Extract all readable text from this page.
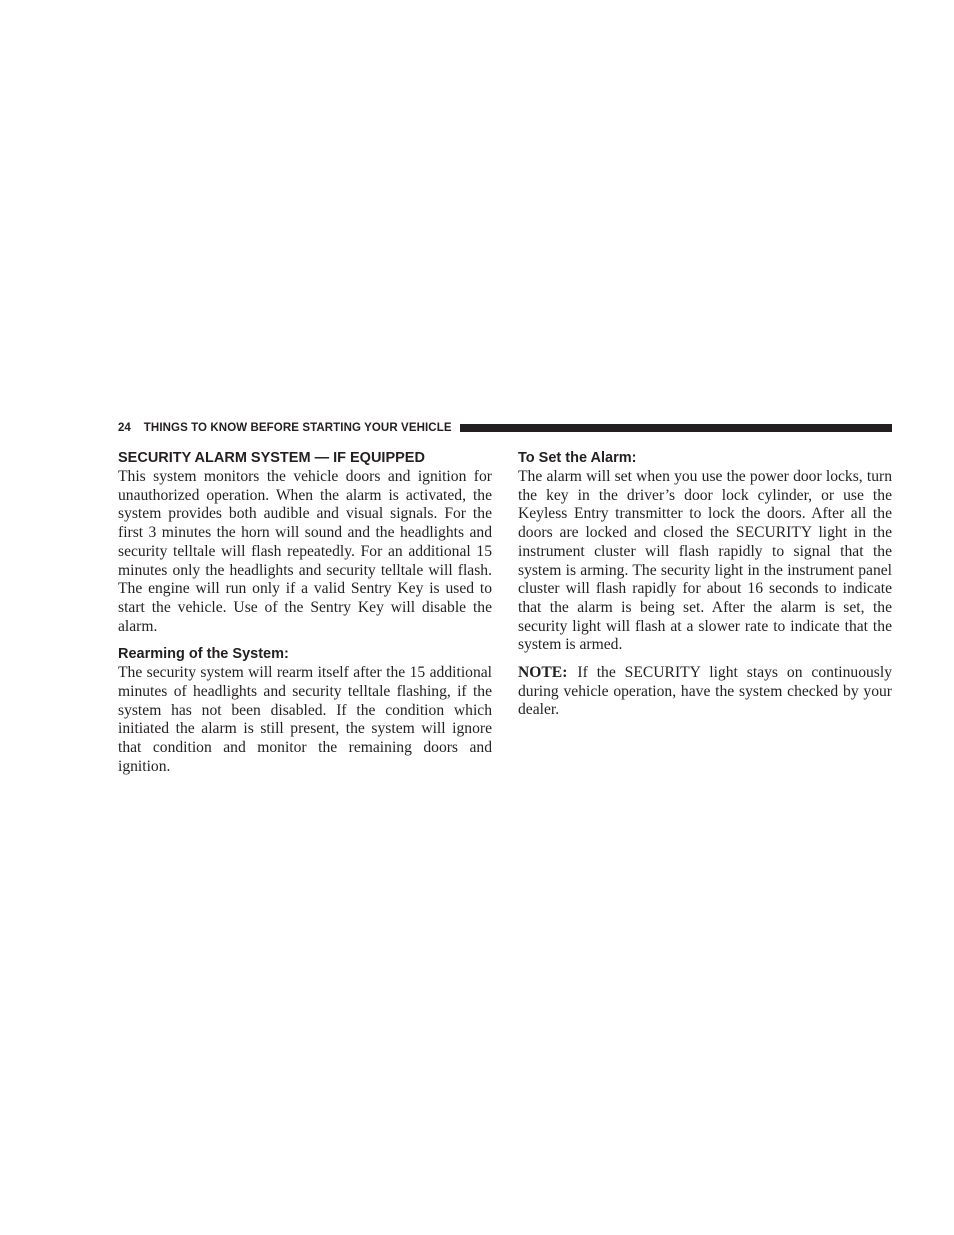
24 THINGS TO KNOW BEFORE STARTING YOUR VEHICLE
SECURITY ALARM SYSTEM — IF EQUIPPED

This system monitors the vehicle doors and ignition for unauthorized operation. When the alarm is activated, the system provides both audible and visual signals. For the first 3 minutes the horn will sound and the headlights and security telltale will flash repeatedly. For an additional 15 minutes only the headlights and security telltale will flash. The engine will run only if a valid Sentry Key is used to start the vehicle. Use of the Sentry Key will disable the alarm.

Rearming of the System:

The security system will rearm itself after the 15 additional minutes of headlights and security telltale flashing, if the system has not been disabled. If the condition which initiated the alarm is still present, the system will ignore that condition and monitor the remaining doors and ignition.

To Set the Alarm:

The alarm will set when you use the power door locks, turn the key in the driver’s door lock cylinder, or use the Keyless Entry transmitter to lock the doors. After all the doors are locked and closed the SECURITY light in the instrument cluster will flash rapidly to signal that the system is arming. The security light in the instrument panel cluster will flash rapidly for about 16 seconds to indicate that the alarm is being set. After the alarm is set, the security light will flash at a slower rate to indicate that the system is armed.

NOTE: If the SECURITY light stays on continuously during vehicle operation, have the system checked by your dealer.
